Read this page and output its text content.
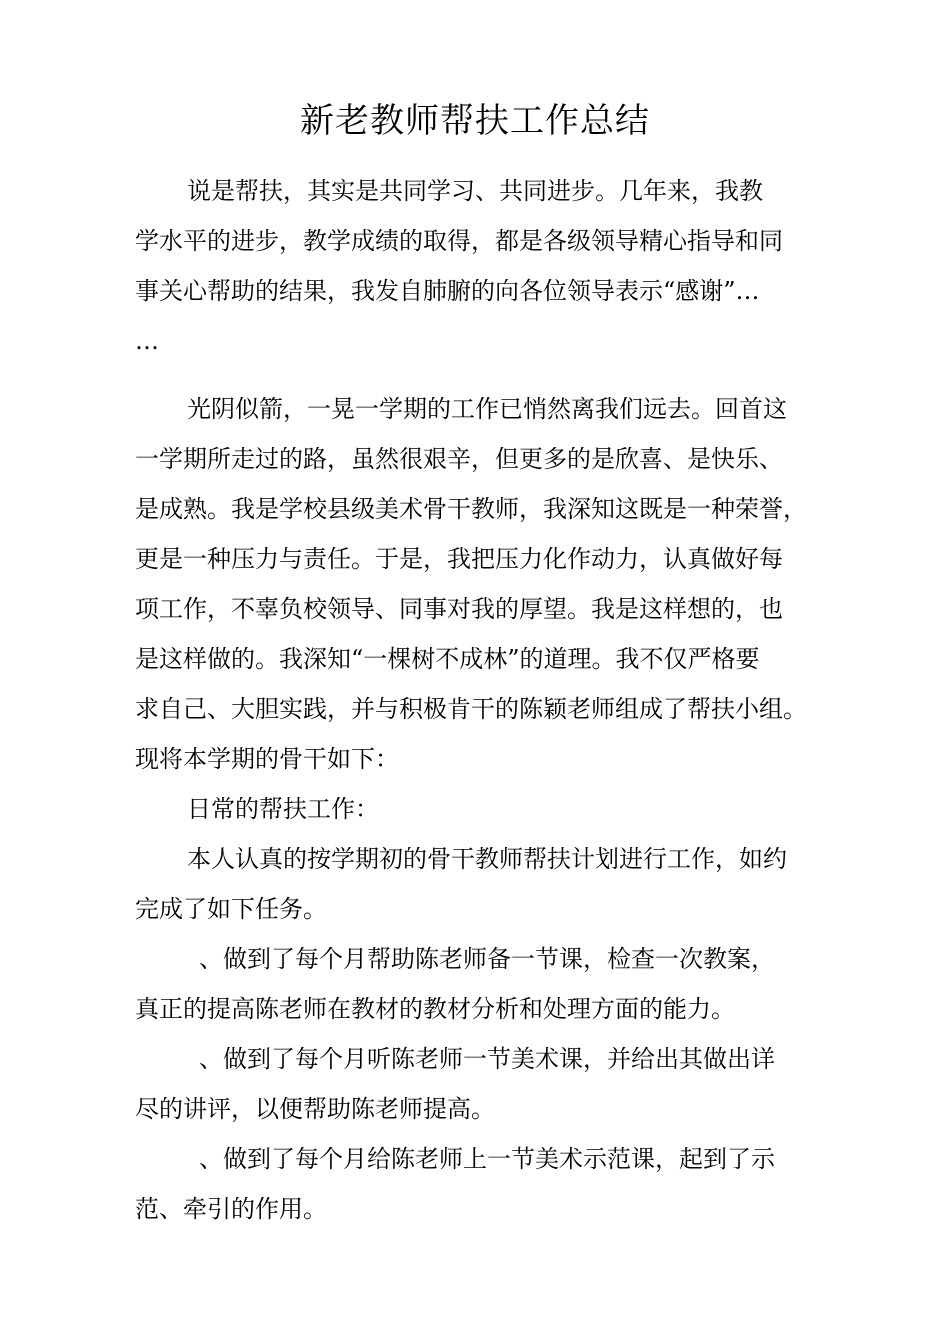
新老教师帮扶工作总结
说是帮扶，其实是共同学习、共同进步。几年来，我教
学水平的进步，教学成绩的取得，都是各级领导精心指导和同
事关心帮助的结果，我发自肺腑的向各位领导表示“感谢”…
…
光阴似箭，一晃一学期的工作已悄然离我们远去。回首这
一学期所走过的路，虽然很艰辛，但更多的是欣喜、是快乐、
是成熟。我是学校县级美术骨干教师，我深知这既是一种荣誉，
更是一种压力与责任。于是，我把压力化作动力，认真做好每
项工作，不辜负校领导、同事对我的厚望。我是这样想的，也
是这样做的。我深知“一棵树不成林”的道理。我不仅严格要
求自己、大胆实践，并与积极肯干的陈颖老师组成了帮扶小组。
现将本学期的骨干如下：
日常的帮扶工作：
本人认真的按学期初的骨干教师帮扶计划进行工作，如约
完成了如下任务。
、做到了每个月帮助陈老师备一节课，检查一次教案，
真正的提高陈老师在教材的教材分析和处理方面的能力。
、做到了每个月听陈老师一节美术课，并给出其做出详
尽的讲评，以便帮助陈老师提高。
、做到了每个月给陈老师上一节美术示范课，起到了示
范、牵引的作用。
